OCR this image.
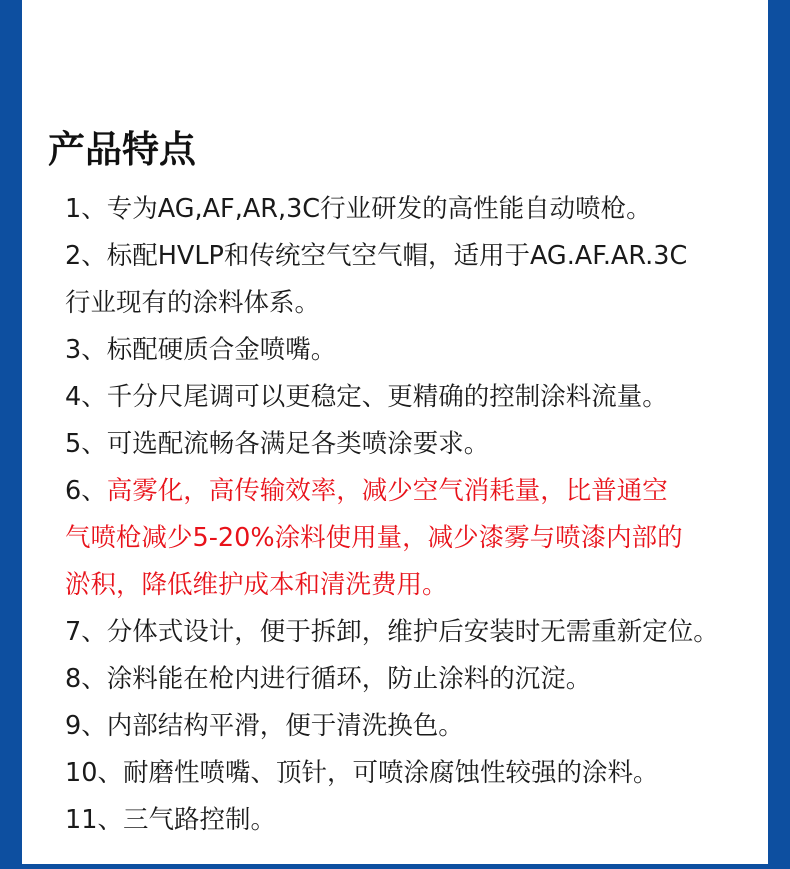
产品特点
1、专为AG,AF,AR,3C行业研发的高性能自动喷枪。
2、标配HVLP和传统空气空气帽，适用于AG.AF.AR.3C
行业现有的涂料体系。
3、标配硬质合金喷嘴。
4、千分尺尾调可以更稳定、更精确的控制涂料流量。
5、可选配流畅各满足各类喷涂要求。
6、高雾化，高传输效率，减少空气消耗量，比普通空
气喷枪减少5-20%涂料使用量，减少漆雾与喷漆内部的
淤积，降低维护成本和清洗费用。
7、分体式设计，便于拆卸，维护后安装时无需重新定位。
8、涂料能在枪内进行循环，防止涂料的沉淀。
9、内部结构平滑，便于清洗换色。
10、耐磨性喷嘴、顶针，可喷涂腐蚀性较强的涂料。
11、三气路控制。
